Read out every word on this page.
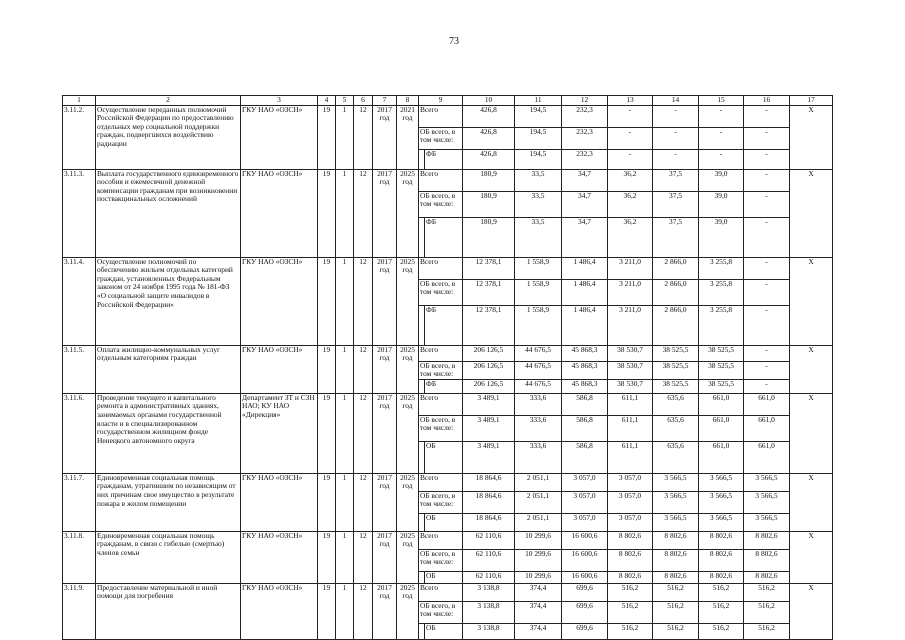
73
1	2	3	4	5	6	7	8	9		10	11	12	13	14	15	16	17
3.11.2.	Осуществление переданных полномочий Российской Федерации по предоставлению отдельных мер социальной поддержки граждан, подвергшихся воздействию радиации	ГКУ НАО «ОЗСН»	19	1	12	2017 год	2021 год	Всего		426,8	194,5	232,3	-	-	-	-	X
								ОБ всего, в том числе:		426,8	194,5	232,3	-	-	-	-	
									ФБ	426,8	194,5	232,3	-	-	-	-	
3.11.3.	Выплата государственного единовременного пособия и ежемесячной денежной компенсации гражданам при возникновении поствакцинальных осложнений	ГКУ НАО «ОЗСН»	19	1	12	2017 год	2025 год	Всего		180,9	33,5	34,7	36,2	37,5	39,0	-	X
								ОБ всего, в том числе:		180,9	33,5	34,7	36,2	37,5	39,0	-	
									ФБ	180,9	33,5	34,7	36,2	37,5	39,0	-	
3.11.4.	Осуществление полномочий по обеспечению жильем отдельных категорий граждан, установленных Федеральным законом от 24 ноября 1995 года № 181-ФЗ «О социальной защите инвалидов в Российской Федерации»	ГКУ НАО «ОЗСН»	19	1	12	2017 год	2025 год	Всего		12 378,1	1 558,9	1 486,4	3 211,0	2 866,0	3 255,8	-	X
								ОБ всего, в том числе:		12 378,1	1 558,9	1 486,4	3 211,0	2 866,0	3 255,8	-	
									ФБ	12 378,1	1 558,9	1 486,4	3 211,0	2 866,0	3 255,8	-	
3.11.5.	Оплата жилищно-коммунальных услуг отдельным категориям граждан	ГКУ НАО «ОЗСН»	19	1	12	2017 год	2025 год	Всего		206 126,5	44 676,5	45 868,3	38 530,7	38 525,5	38 525,5	-	X
								ОБ всего, в том числе:		206 126,5	44 676,5	45 868,3	38 530,7	38 525,5	38 525,5	-	
									ФБ	206 126,5	44 676,5	45 868,3	38 530,7	38 525,5	38 525,5	-	
3.11.6.	Проведение текущего и капитального ремонта в административных зданиях, занимаемых органами государственной власти и в специализированном государственном жилищном фонде Ненецкого автономного округа	Департамент ЗТ и СЗН НАО; КУ НАО «Дирекция»	19	1	12	2017 год	2025 год	Всего		3 489,1	333,6	586,8	611,1	635,6	661,0	661,0	X
								ОБ всего, в том числе:		3 489,1	333,6	586,8	611,1	635,6	661,0	661,0	
									ОБ	3 489,1	333,6	586,8	611,1	635,6	661,0	661,0	
3.11.7.	Единовременная социальная помощь гражданам, утратившим по независящим от них причинам свое имущество в результате пожара в жилом помещении	ГКУ НАО «ОЗСН»	19	1	12	2017 год	2025 год	Всего		18 864,6	2 051,1	3 057,0	3 057,0	3 566,5	3 566,5	3 566,5	X
								ОБ всего, в том числе:		18 864,6	2 051,1	3 057,0	3 057,0	3 566,5	3 566,5	3 566,5	
									ОБ	18 864,6	2 051,1	3 057,0	3 057,0	3 566,5	3 566,5	3 566,5	
3.11.8.	Единовременная социальная помощь гражданам, в связи с гибелью (смертью) членов семьи	ГКУ НАО «ОЗСН»	19	1	12	2017 год	2025 год	Всего		62 110,6	10 299,6	16 600,6	8 802,6	8 802,6	8 802,6	8 802,6	X
								ОБ всего, в том числе:		62 110,6	10 299,6	16 600,6	8 802,6	8 802,6	8 802,6	8 802,6	
									ОБ	62 110,6	10 299,6	16 600,6	8 802,6	8 802,6	8 802,6	8 802,6	
3.11.9.	Предоставление материальной и иной помощи для погребения	ГКУ НАО «ОЗСН»	19	1	12	2017 год	2025 год	Всего		3 138,8	374,4	699,6	516,2	516,2	516,2	516,2	X
								ОБ всего, в том числе:		3 138,8	374,4	699,6	516,2	516,2	516,2	516,2	
									ОБ	3 138,8	374,4	699,6	516,2	516,2	516,2	516,2	
